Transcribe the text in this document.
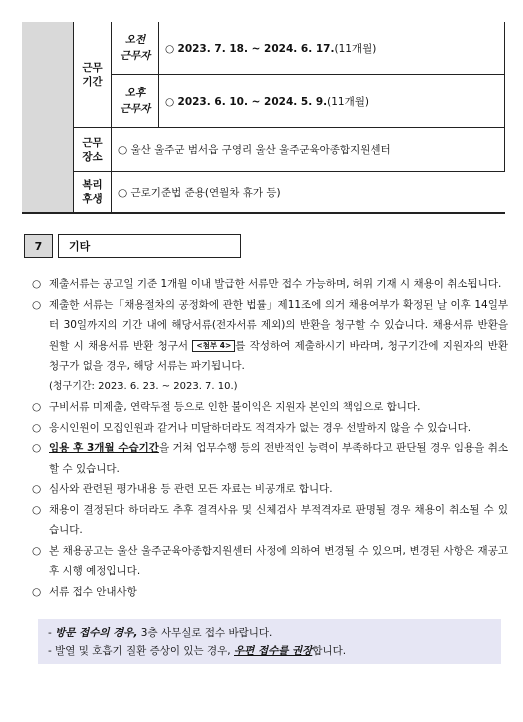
근무
기간
오전
근무자
○ 2023. 7. 18. ~ 2024. 6. 17.(11개월)
오후
근무자
○ 2023. 6. 10. ~ 2024. 5. 9.(11개월)
근무
장소
○ 울산 울주군 범서읍 구영리 울산 울주군육아종합지원센터
복리
후생
○ 근로기준법 준용(연월차 휴가 등)
7	기타
○ 제출서류는 공고일 기준 1개월 이내 발급한 서류만 접수 가능하며, 허위 기재 시 채용이 취소됩니다.

○ 제출한 서류는「채용절차의 공정화에 관한 법률」제11조에 의거 채용여부가 확정된 날 이후 14일부터 30일까지의 기간 내에 해당서류(전자서류 제외)의 반환을 청구할 수 있습니다. 채용서류 반환을 원할 시 채용서류 반환 청구서 <첨부 4> 를 작성하여 제출하시기 바라며, 청구기간에 지원자의 반환 청구가 없을 경우, 해당 서류는 파기됩니다.

(청구기간: 2023. 6. 23. ~ 2023. 7. 10.)
○ 구비서류 미제출, 연락두절 등으로 인한 불이익은 지원자 본인의 책임으로 합니다.

○ 응시인원이 모집인원과 같거나 미달하더라도 적격자가 없는 경우 선발하지 않을 수 있습니다.

○ 임용 후 3개월 수습기간을 거쳐 업무수행 등의 전반적인 능력이 부족하다고 판단될 경우 임용을 취소할 수 있습니다.

○ 심사와 관련된 평가내용 등 관련 모든 자료는 비공개로 합니다.

○ 채용이 결정된다 하더라도 추후 결격사유 및 신체검사 부적격자로 판명될 경우 채용이 취소될 수 있습니다.

○ 본 채용공고는 울산 울주군육아종합지원센터 사정에 의하여 변경될 수 있으며, 변경된 사항은 재공고 후 시행 예정입니다.

○ 서류 접수 안내사항

- 방문 접수의 경우, 3층 사무실로 접수 바랍니다.
- 발열 및 호흡기 질환 증상이 있는 경우, 우편 접수를 권장합니다.
